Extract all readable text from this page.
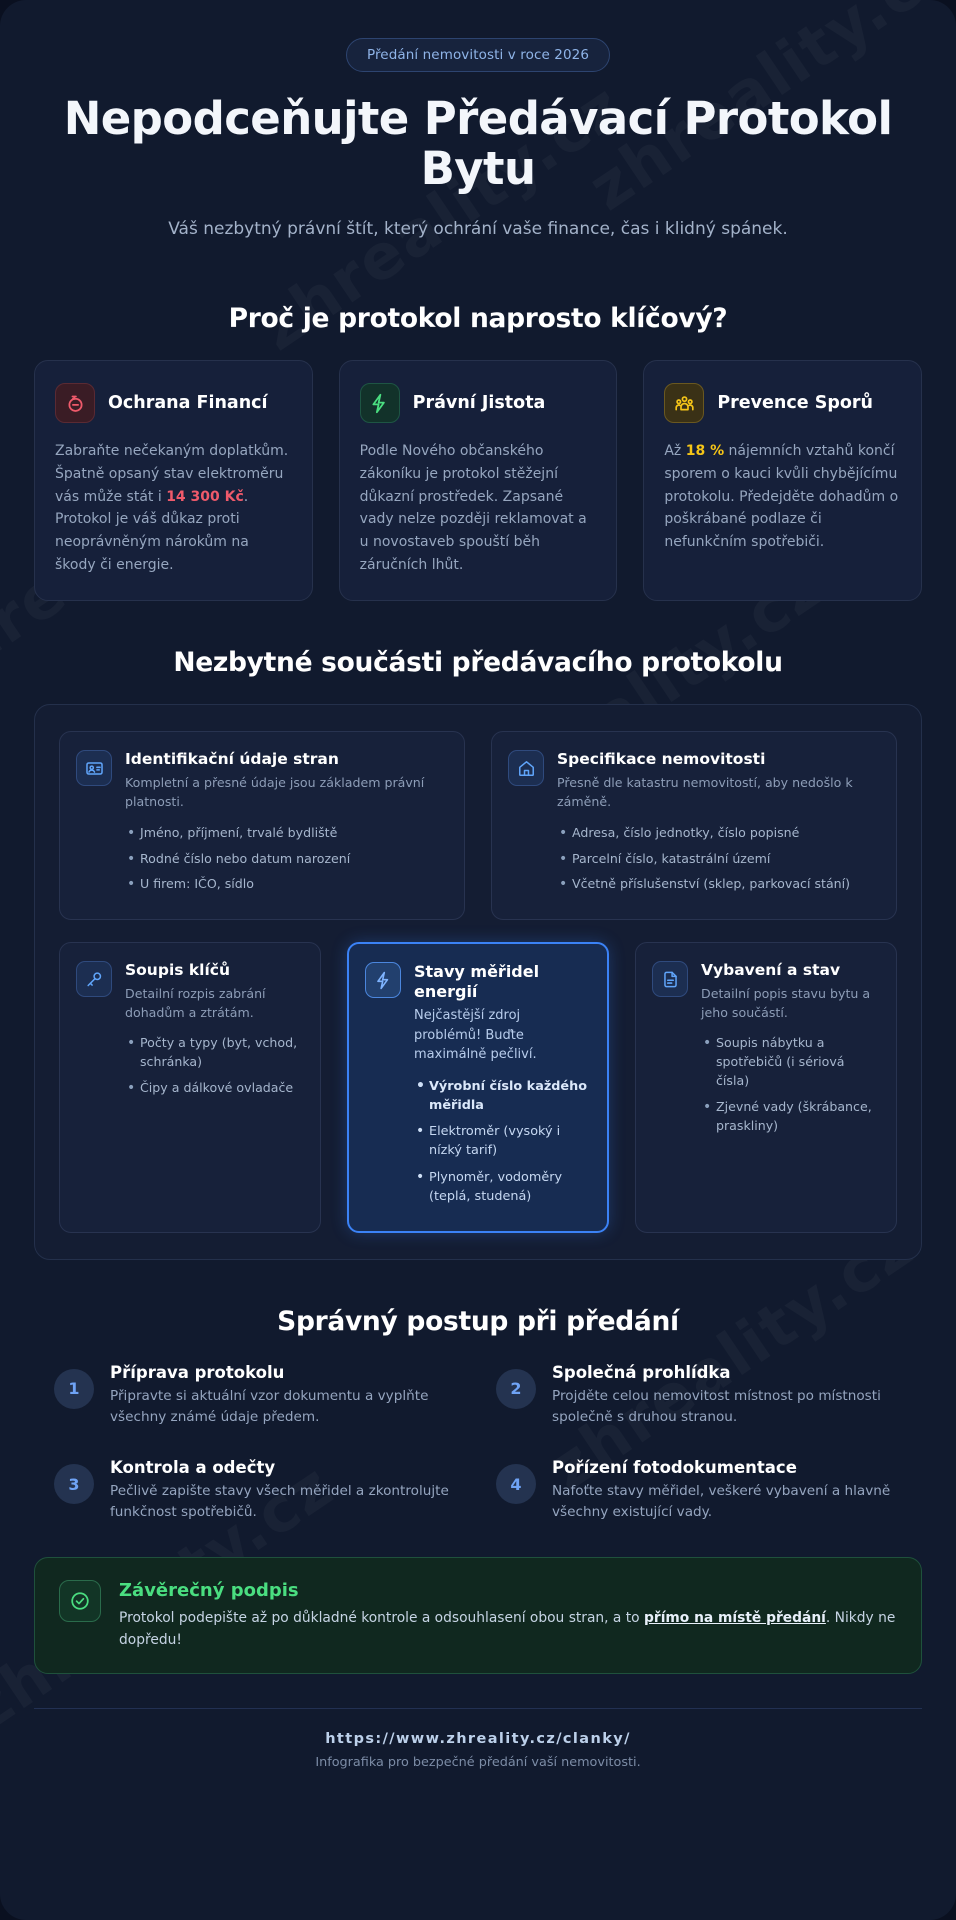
Předání nemovitosti v roce 2026
Nepodceňujte Předávací Protokol Bytu
Váš nezbytný právní štít, který ochrání vaše finance, čas i klidný spánek.
Proč je protokol naprosto klíčový?
Ochrana Financí
Zabraňte nečekaným doplatkům. Špatně opsaný stav elektroměru vás může stát i 14 300 Kč. Protokol je váš důkaz proti neoprávněným nárokům na škody či energie.
Právní Jistota
Podle Nového občanského zákoníku je protokol stěžejní důkazní prostředek. Zapsané vady nelze později reklamovat a u novostaveb spouští běh záručních lhůt.
Prevence Sporů
Až 18 % nájemních vztahů končí sporem o kauci kvůli chybějícímu protokolu. Předejděte dohadům o poškrábané podlaze či nefunkčním spotřebiči.
Nezbytné součásti předávacího protokolu
Identifikační údaje stran
Kompletní a přesné údaje jsou základem právní platnosti.
• Jméno, příjmení, trvalé bydliště
• Rodné číslo nebo datum narození
• U firem: IČO, sídlo
Specifikace nemovitosti
Přesně dle katastru nemovitostí, aby nedošlo k záměně.
• Adresa, číslo jednotky, číslo popisné
• Parcelní číslo, katastrální území
• Včetně příslušenství (sklep, parkovací stání)
Soupis klíčů
Detailní rozpis zabrání dohadům a ztrátám.
• Počty a typy (byt, vchod, schránka)
• Čipy a dálkové ovladače
Stavy měřidel energií
Nejčastější zdroj problémů! Buďte maximálně pečliví.
• Výrobní číslo každého měřidla
• Elektroměr (vysoký i nízký tarif)
• Plynoměr, vodoměry (teplá, studená)
Vybavení a stav
Detailní popis stavu bytu a jeho součástí.
• Soupis nábytku a spotřebičů (i sériová čísla)
• Zjevné vady (škrábance, praskliny)
Správný postup při předání
1
Příprava protokolu
Připravte si aktuální vzor dokumentu a vyplňte všechny známé údaje předem.
2
Společná prohlídka
Projděte celou nemovitost místnost po místnosti společně s druhou stranou.
3
Kontrola a odečty
Pečlivě zapište stavy všech měřidel a zkontrolujte funkčnost spotřebičů.
4
Pořízení fotodokumentace
Nafoťte stavy měřidel, veškeré vybavení a hlavně všechny existující vady.
Závěrečný podpis
Protokol podepište až po důkladné kontrole a odsouhlasení obou stran, a to přímo na místě předání. Nikdy ne dopředu!
https://www.zhreality.cz/clanky/
Infografika pro bezpečné předání vaší nemovitosti.
